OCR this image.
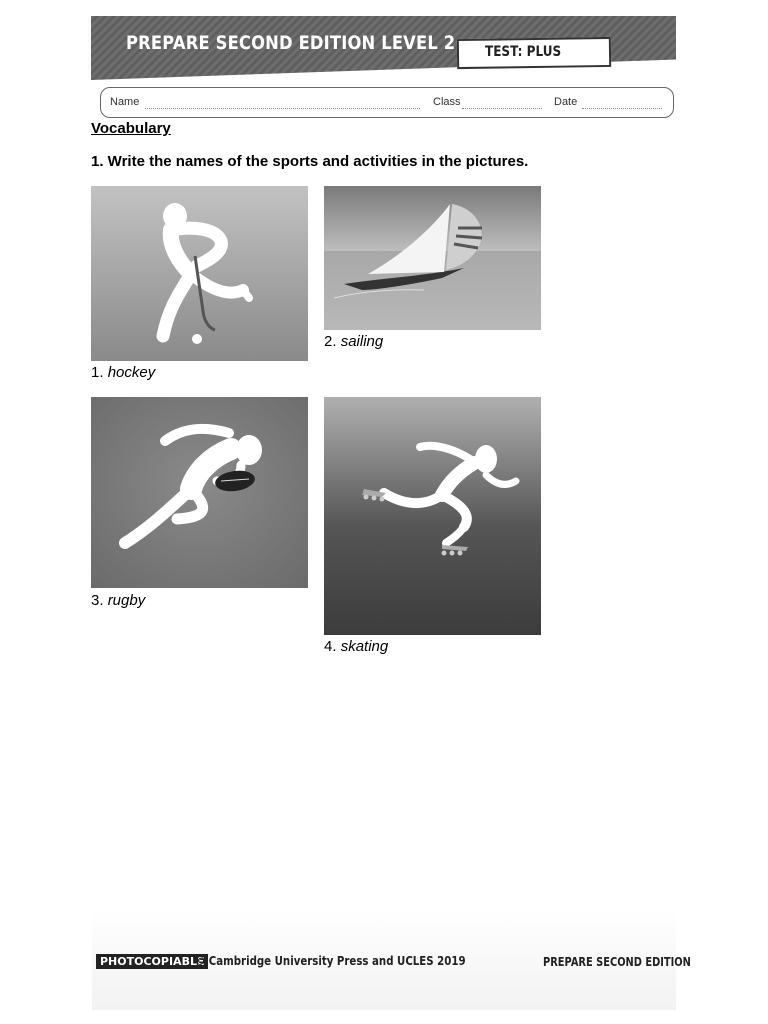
PREPARE SECOND EDITION LEVEL 2 TEST: PLUS
Name	Class	Date
Vocabulary
1. Write the names of the sports and activities in the pictures.
1. hockey
2. sailing
3. rugby
4. skating
PHOTOCOPIABLE
© Cambridge University Press and UCLES 2019	PREPARE SECOND EDITION
